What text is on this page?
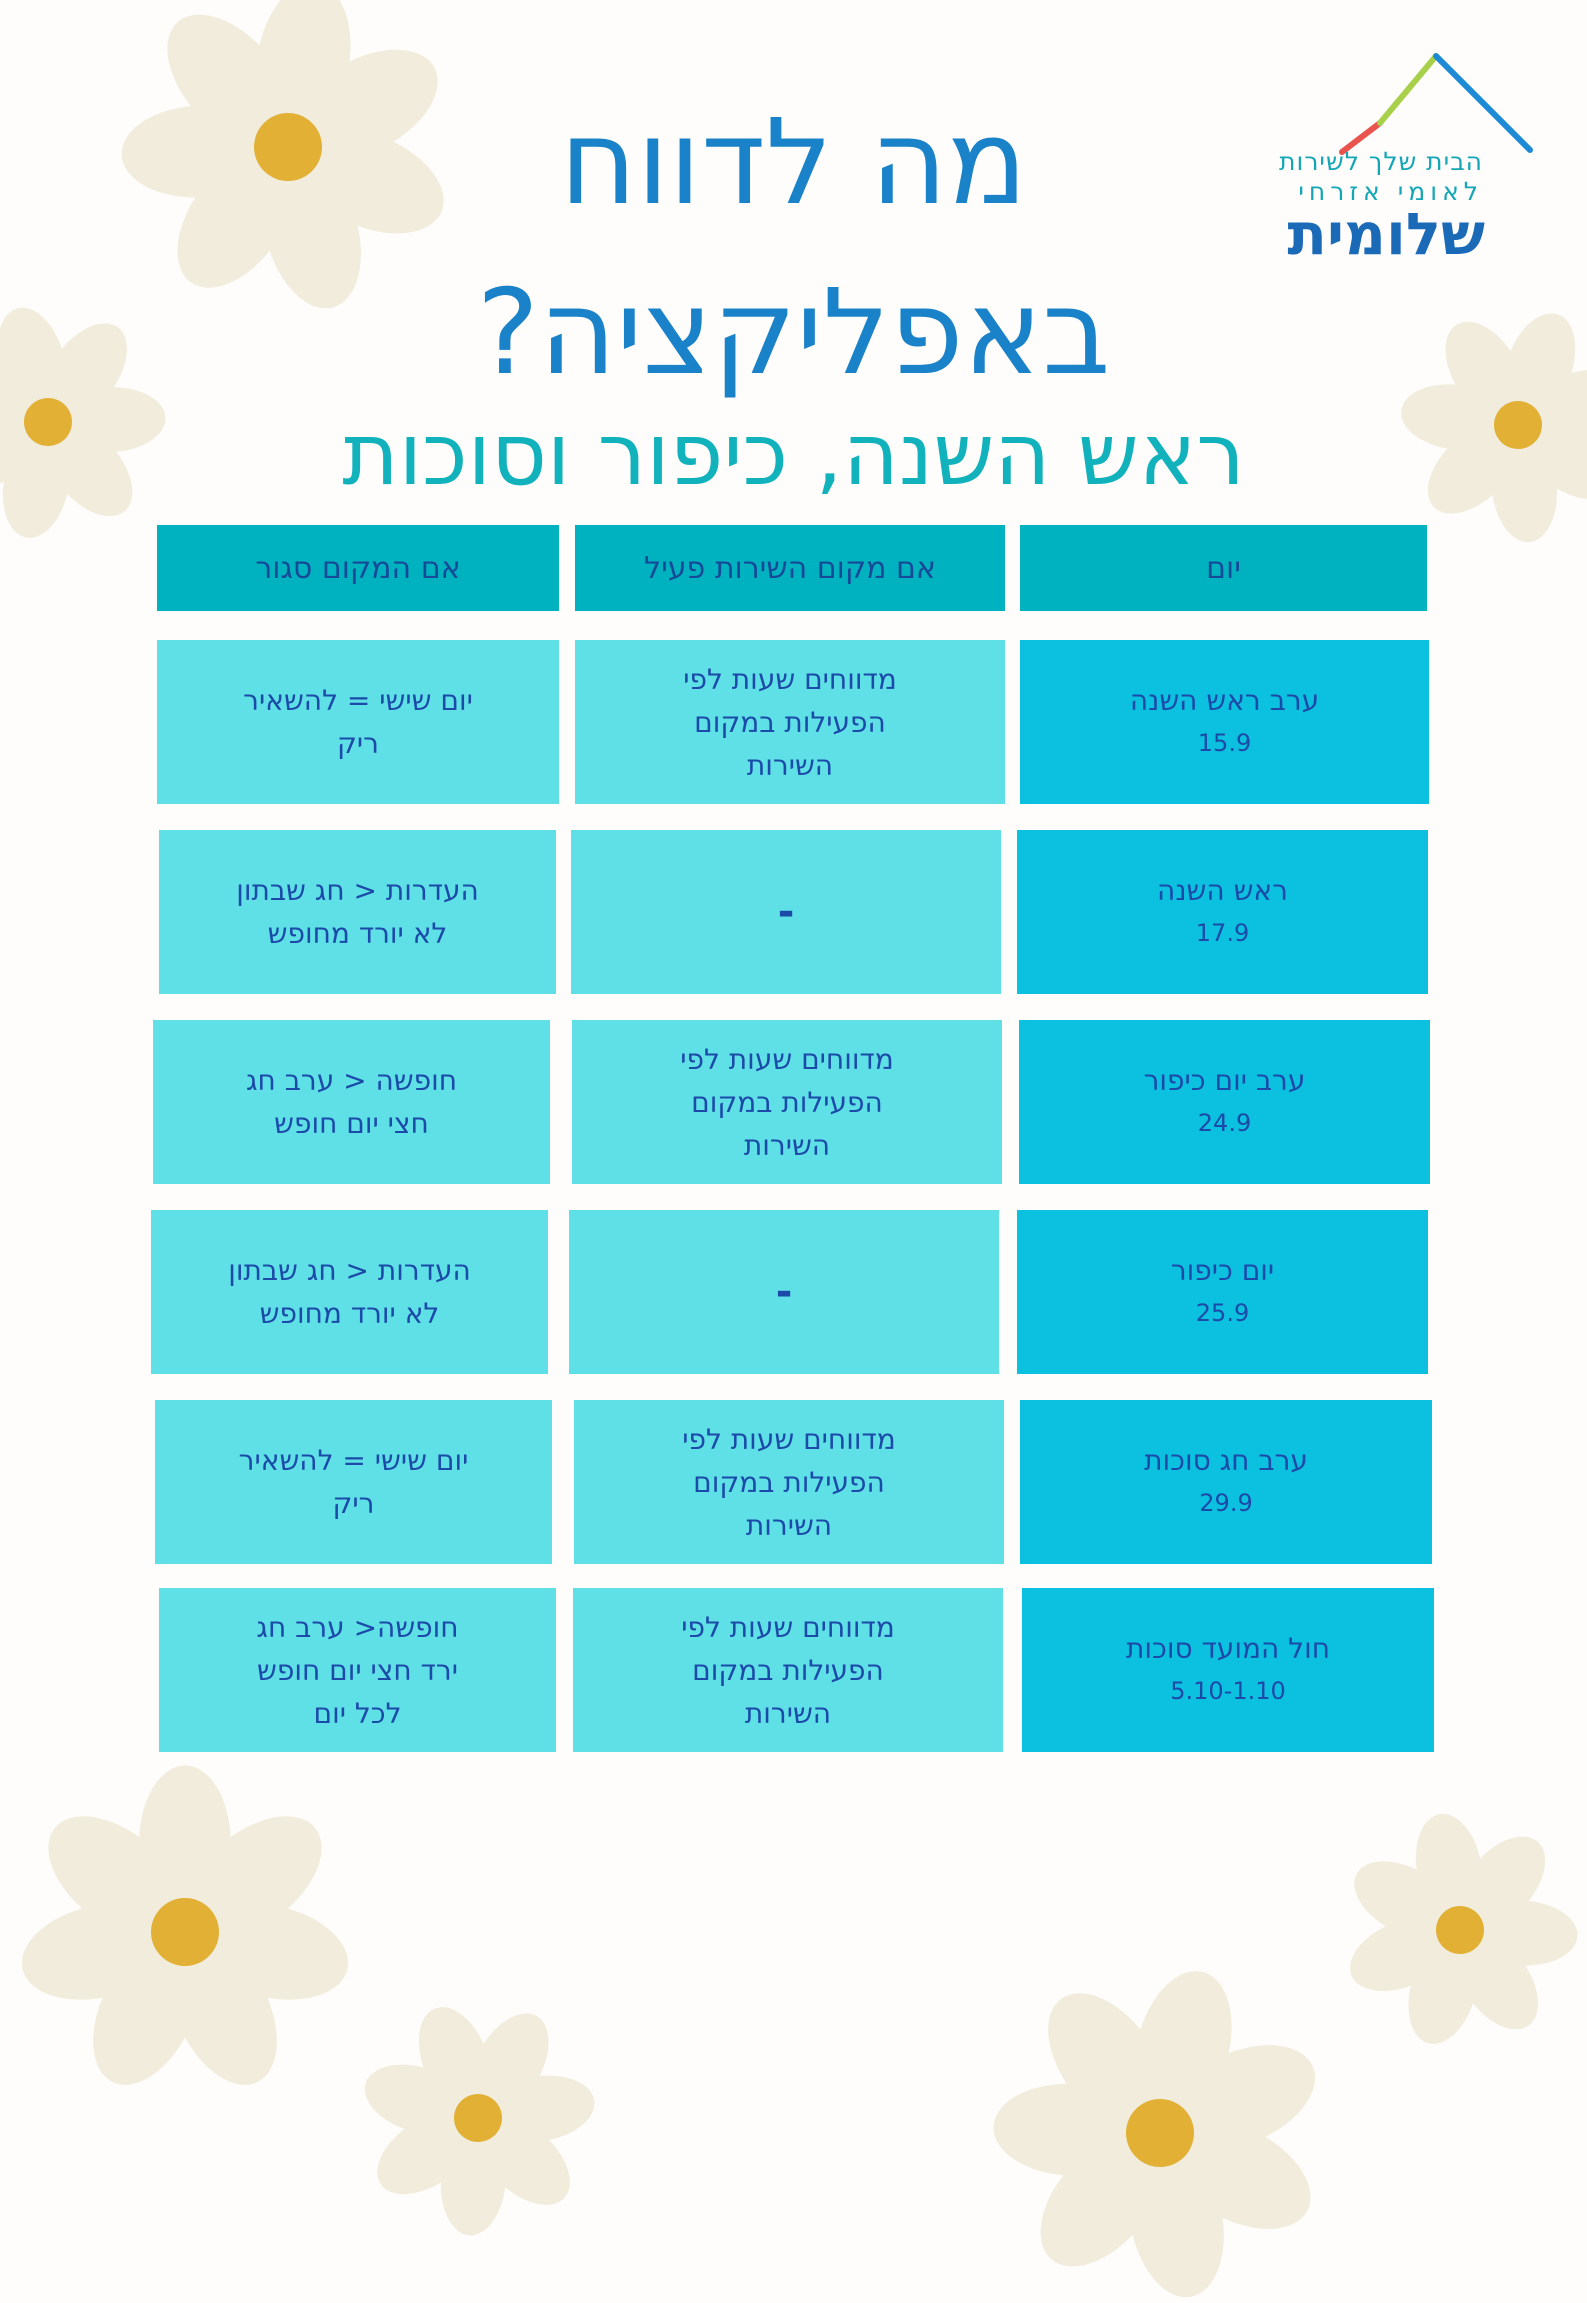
מה לדווח
באפליקציה?
ראש השנה, כיפור וסוכות
הבית שלך לשירות
לאומי אזרחי
שלומית
יום
אם מקום השירות פעיל
אם המקום סגור
ערב ראש השנה
15.9
מדווחים שעות לפי
הפעילות במקום
השירות
יום שישי = להשאיר
ריק
ראש השנה
17.9
-
העדרות < חג שבתון
לא יורד מחופש
ערב יום כיפור
24.9
מדווחים שעות לפי
הפעילות במקום
השירות
חופשה < ערב חג
חצי יום חופש
יום כיפור
25.9
-
העדרות < חג שבתון
לא יורד מחופש
ערב חג סוכות
29.9
מדווחים שעות לפי
הפעילות במקום
השירות
יום שישי = להשאיר
ריק
חול המועד סוכות
5.10-1.10
מדווחים שעות לפי
הפעילות במקום
השירות
חופשה< ערב חג
ירד חצי יום חופש
לכל יום
